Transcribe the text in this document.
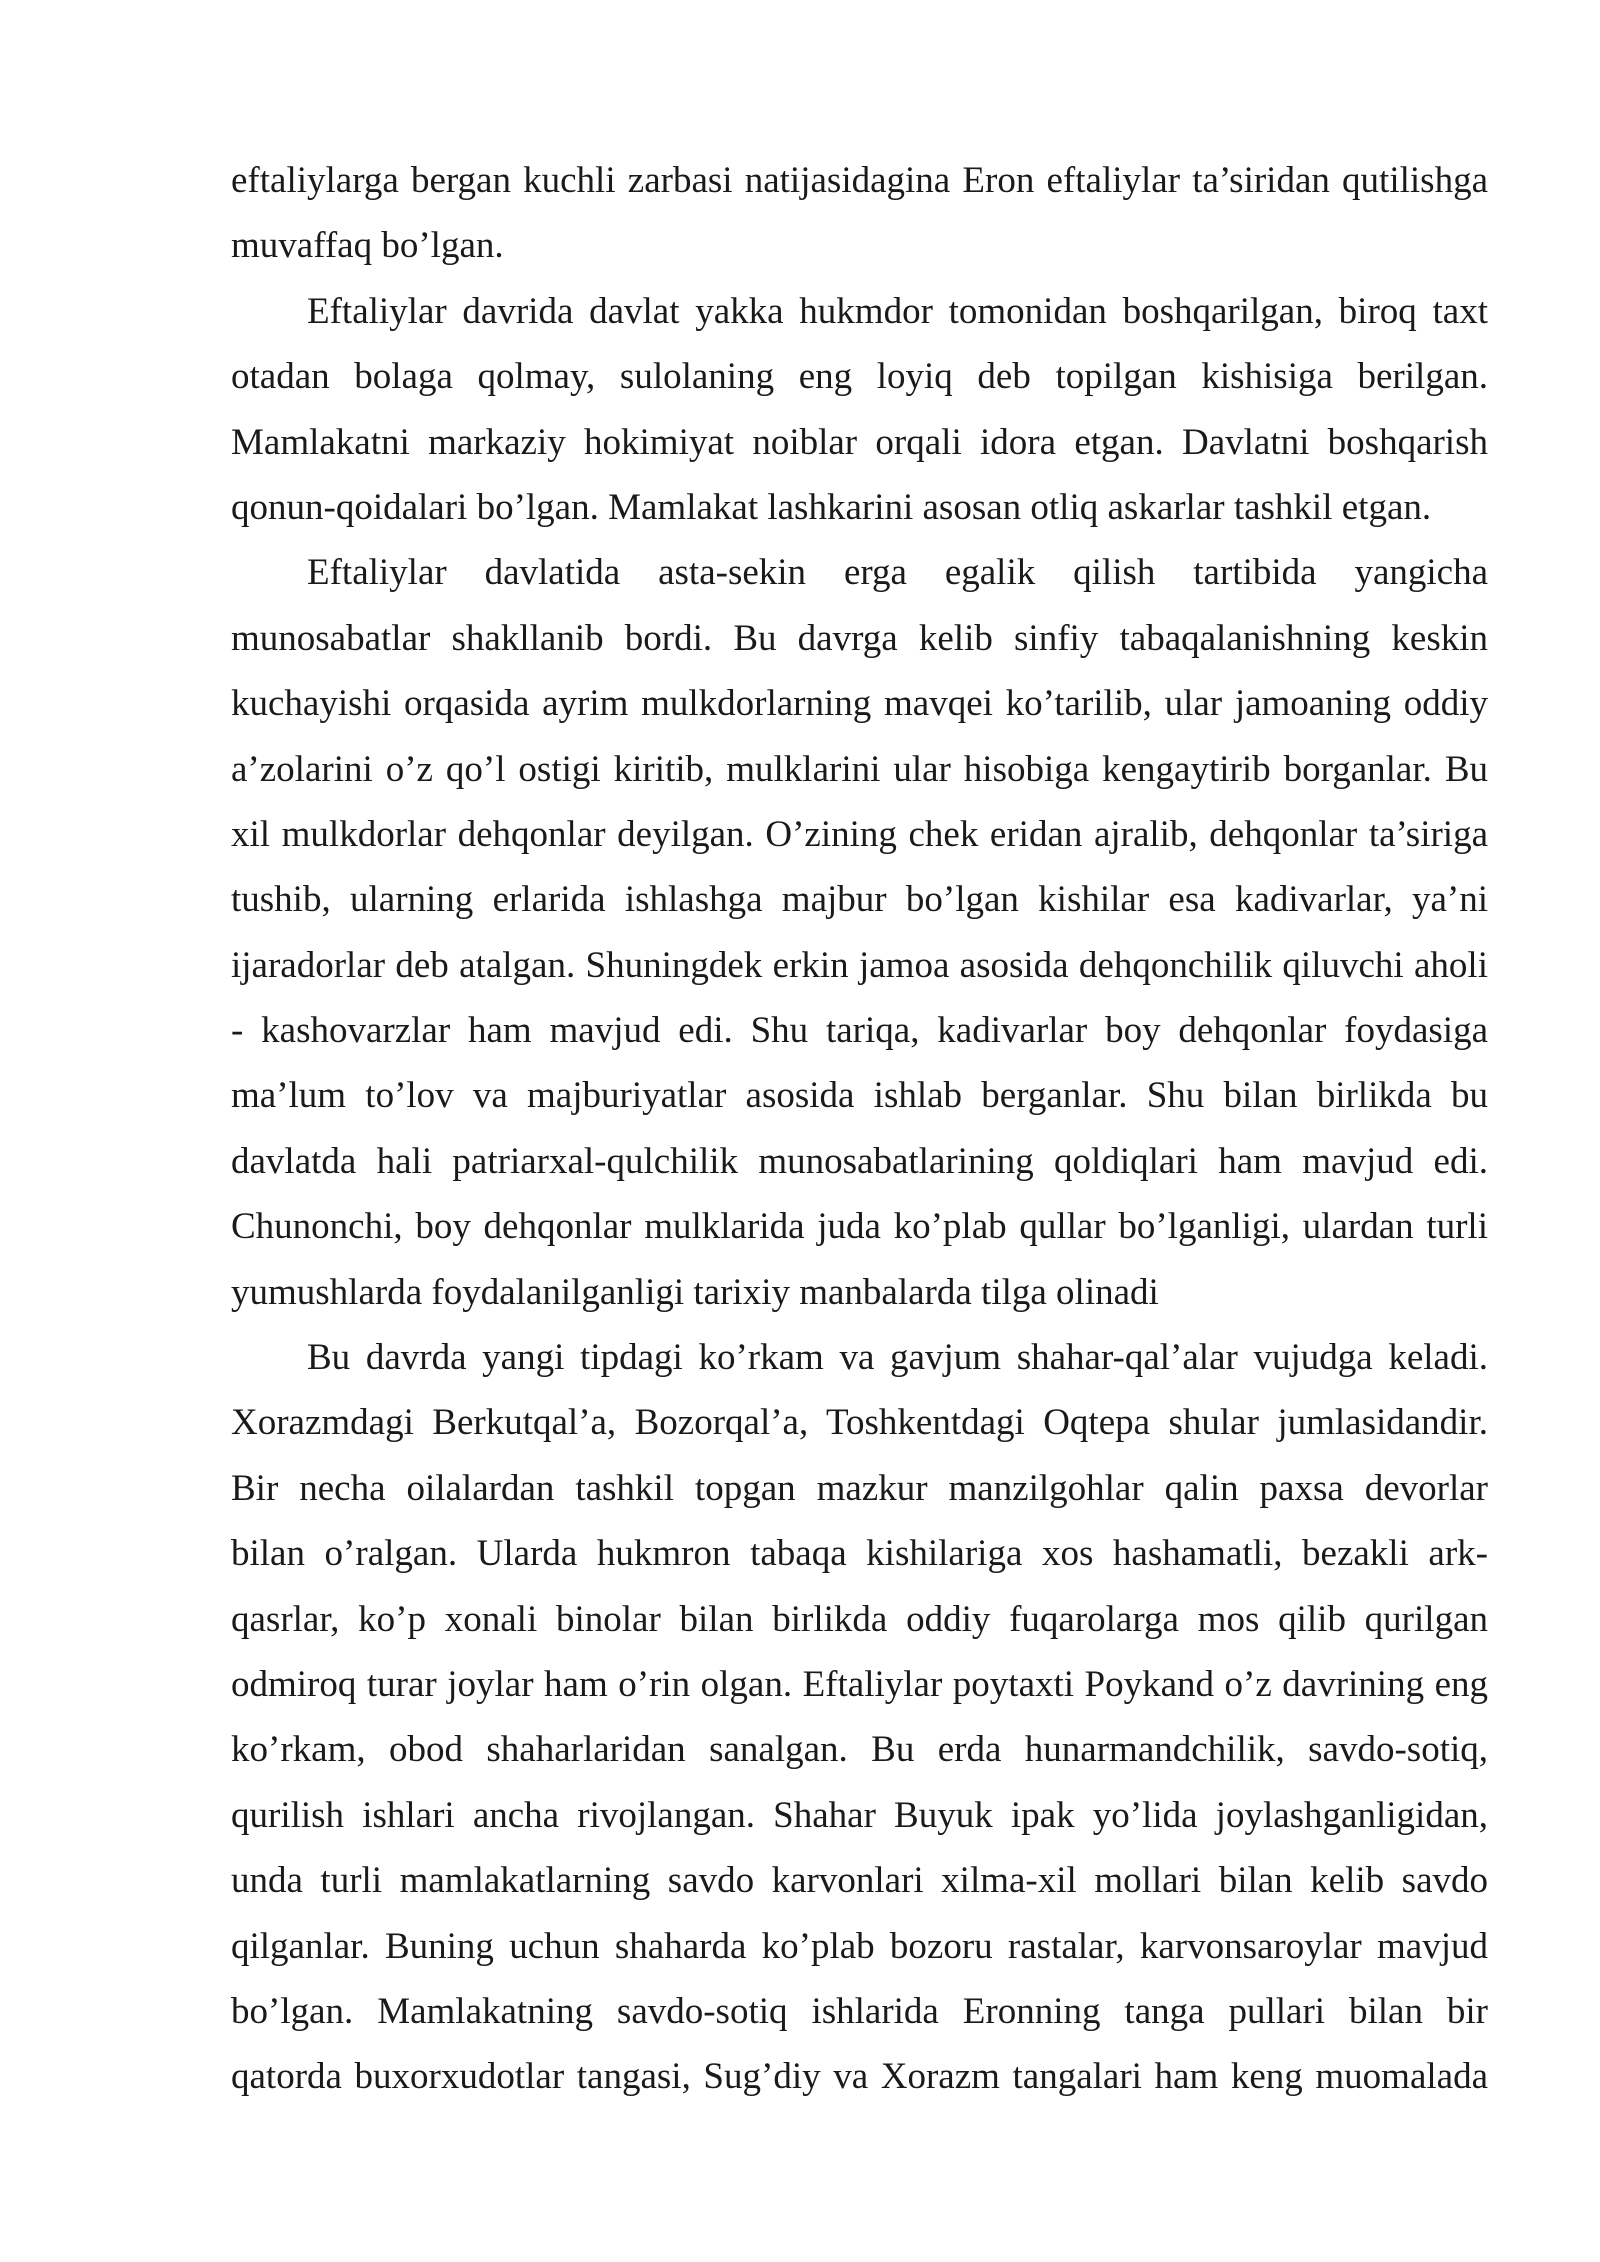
eftaliylarga bergan kuchli zarbasi natijasidagina Eron eftaliylar ta’siridan qutilishga
muvaffaq bo’lgan.
Eftaliylar davrida davlat yakka hukmdor tomonidan boshqarilgan, biroq taxt
otadan bolaga qolmay, sulolaning eng loyiq deb topilgan kishisiga berilgan.
Mamlakatni markaziy hokimiyat noiblar orqali idora etgan. Davlatni boshqarish
qonun-qoidalari bo’lgan. Mamlakat lashkarini asosan otliq askarlar tashkil etgan.
Eftaliylar davlatida asta-sekin erga egalik qilish tartibida yangicha
munosabatlar shakllanib bordi. Bu davrga kelib sinfiy tabaqalanishning keskin
kuchayishi orqasida ayrim mulkdorlarning mavqei ko’tarilib, ular jamoaning oddiy
a’zolarini o’z qo’l ostigi kiritib, mulklarini ular hisobiga kengaytirib borganlar. Bu
xil mulkdorlar dehqonlar deyilgan. O’zining chek eridan ajralib, dehqonlar ta’siriga
tushib, ularning erlarida ishlashga majbur bo’lgan kishilar esa kadivarlar, ya’ni
ijaradorlar deb atalgan. Shuningdek erkin jamoa asosida dehqonchilik qiluvchi aholi
- kashovarzlar ham mavjud edi. Shu tariqa, kadivarlar boy dehqonlar foydasiga
ma’lum to’lov va majburiyatlar asosida ishlab berganlar. Shu bilan birlikda bu
davlatda hali patriarxal-qulchilik munosabatlarining qoldiqlari ham mavjud edi.
Chunonchi, boy dehqonlar mulklarida juda ko’plab qullar bo’lganligi, ulardan turli
yumushlarda foydalanilganligi tarixiy manbalarda tilga olinadi
Bu davrda yangi tipdagi ko’rkam va gavjum shahar-qal’alar vujudga keladi.
Xorazmdagi Berkutqal’a, Bozorqal’a, Toshkentdagi Oqtepa shular jumlasidandir.
Bir necha oilalardan tashkil topgan mazkur manzilgohlar qalin paxsa devorlar
bilan o’ralgan. Ularda hukmron tabaqa kishilariga xos hashamatli, bezakli ark-
qasrlar, ko’p xonali binolar bilan birlikda oddiy fuqarolarga mos qilib qurilgan
odmiroq turar joylar ham o’rin olgan. Eftaliylar poytaxti Poykand o’z davrining eng
ko’rkam, obod shaharlaridan sanalgan. Bu erda hunarmandchilik, savdo-sotiq,
qurilish ishlari ancha rivojlangan. Shahar Buyuk ipak yo’lida joylashganligidan,
unda turli mamlakatlarning savdo karvonlari xilma-xil mollari bilan kelib savdo
qilganlar. Buning uchun shaharda ko’plab bozoru rastalar, karvonsaroylar mavjud
bo’lgan. Mamlakatning savdo-sotiq ishlarida Eronning tanga pullari bilan bir
qatorda buxorxudotlar tangasi, Sug’diy va Xorazm tangalari ham keng muomalada
